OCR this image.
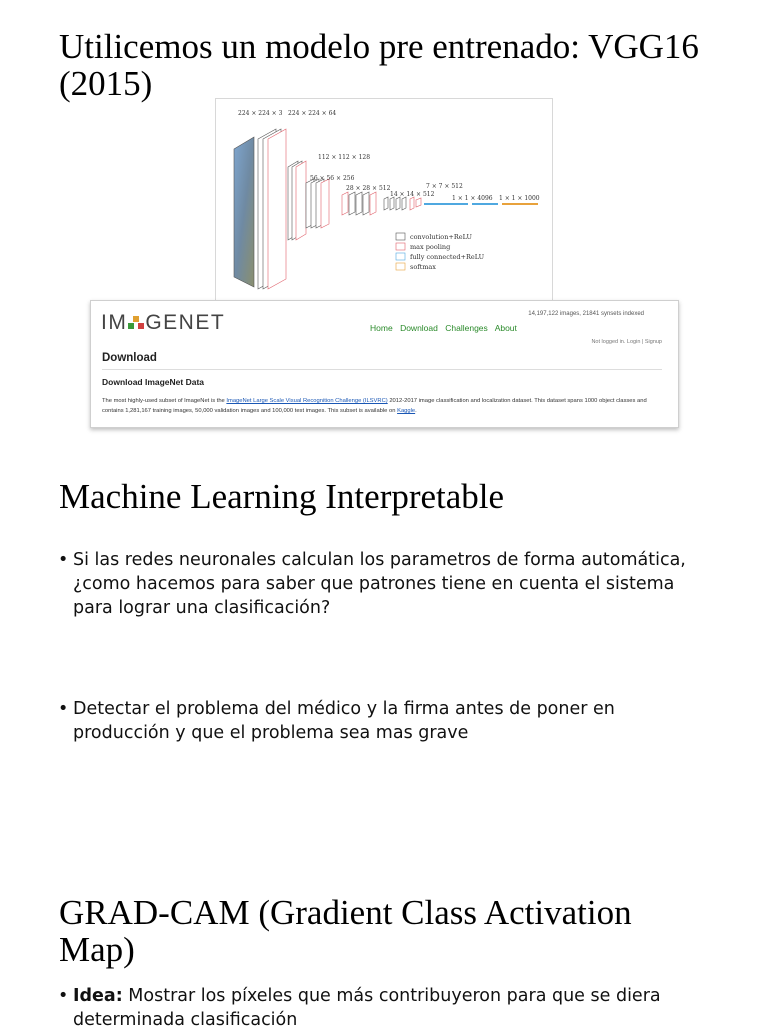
Utilicemos un modelo pre entrenado: VGG16 (2015)
224 × 224 × 3 224 × 224 × 64
112 × 112 × 128
56 × 56 × 256
28 × 28 × 512
14 × 14 × 512
7 × 7 × 512
1 × 1 × 4096 1 × 1 × 1000
convolution+ReLU
max pooling
fully connected+ReLU
softmax
IM GENET	14,197,122 images, 21841 synsets indexed
Home Download Challenges About
Not logged in. Login | Signup
Download
Download ImageNet Data
The most highly-used subset of ImageNet is the ImageNet Large Scale Visual Recognition Challenge (ILSVRC) 2012-2017 image classification and localization dataset. This dataset spans 1000 object classes and contains 1,281,167 training images, 50,000 validation images and 100,000 test images. This subset is available on Kaggle.
Machine Learning Interpretable
• Si las redes neuronales calculan los parametros de forma automática, ¿como hacemos para saber que patrones tiene en cuenta el sistema para lograr una clasificación?
• Detectar el problema del médico y la firma antes de poner en producción y que el problema sea mas grave
GRAD-CAM (Gradient Class Activation Map)
• Idea: Mostrar los píxeles que más contribuyeron para que se diera determinada clasificación
